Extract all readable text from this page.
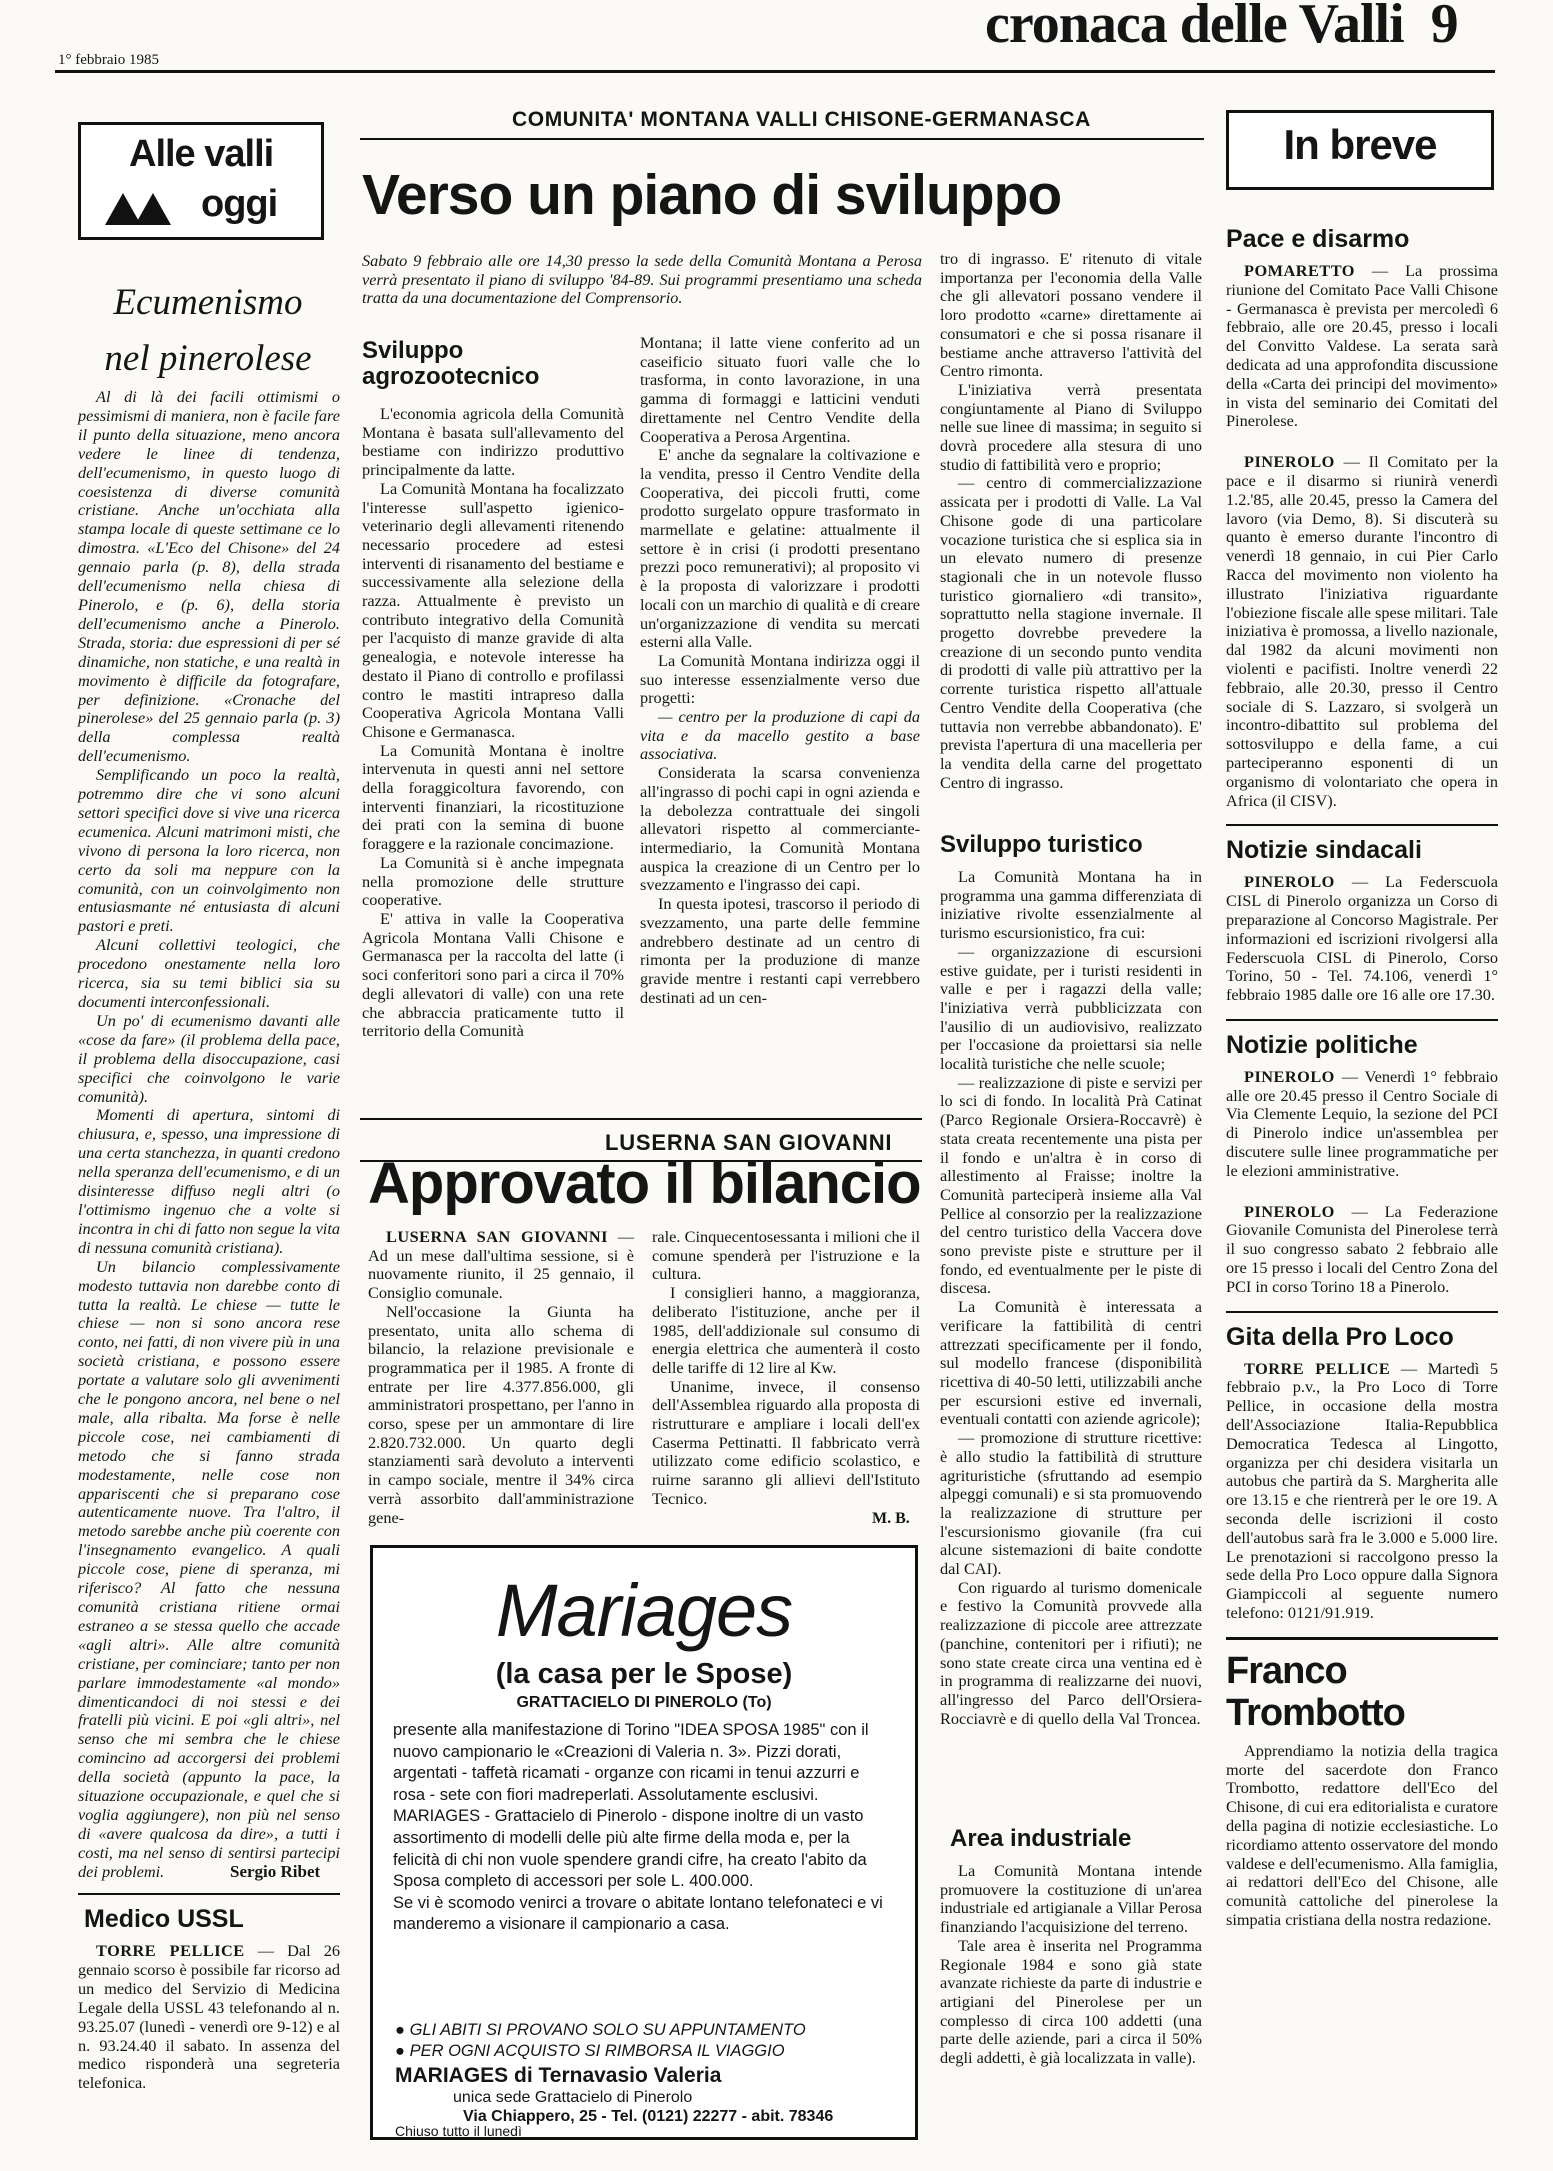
1° febbraio 1985
cronaca delle Valli 9
Alle valli
oggi
Ecumenismo
nel pinerolese

Al di là dei facili ottimismi o pessimismi di maniera, non è facile fare il punto della situazione, meno ancora vedere le linee di tendenza, dell'ecumenismo, in questo luogo di coesistenza di diverse comunità cristiane. Anche un'occhiata alla stampa locale di queste settimane ce lo dimostra. «L'Eco del Chisone» del 24 gennaio parla (p. 8), della strada dell'ecumenismo nella chiesa di Pinerolo, e (p. 6), della storia dell'ecumenismo anche a Pinerolo. Strada, storia: due espressioni di per sé dinamiche, non statiche, e una realtà in movimento è difficile da fotografare, per definizione. «Cronache del pinerolese» del 25 gennaio parla (p. 3) della complessa realtà dell'ecumenismo.

Semplificando un poco la realtà, potremmo dire che vi sono alcuni settori specifici dove si vive una ricerca ecumenica. Alcuni matrimoni misti, che vivono di persona la loro ricerca, non certo da soli ma neppure con la comunità, con un coinvolgimento non entusiasmante né entusiasta di alcuni pastori e preti.

Alcuni collettivi teologici, che procedono onestamente nella loro ricerca, sia su temi biblici sia su documenti interconfessionali.

Un po' di ecumenismo davanti alle «cose da fare» (il problema della pace, il problema della disoccupazione, casi specifici che coinvolgono le varie comunità).

Momenti di apertura, sintomi di chiusura, e, spesso, una impressione di una certa stanchezza, in quanti credono nella speranza dell'ecumenismo, e di un disinteresse diffuso negli altri (o l'ottimismo ingenuo che a volte si incontra in chi di fatto non segue la vita di nessuna comunità cristiana).

Un bilancio complessivamente modesto tuttavia non darebbe conto di tutta la realtà. Le chiese — tutte le chiese — non si sono ancora rese conto, nei fatti, di non vivere più in una società cristiana, e possono essere portate a valutare solo gli avvenimenti che le pongono ancora, nel bene o nel male, alla ribalta. Ma forse è nelle piccole cose, nei cambiamenti di metodo che si fanno strada modestamente, nelle cose non appariscenti che si preparano cose autenticamente nuove. Tra l'altro, il metodo sarebbe anche più coerente con l'insegnamento evangelico. A quali piccole cose, piene di speranza, mi riferisco? Al fatto che nessuna comunità cristiana ritiene ormai estraneo a se stessa quello che accade «agli altri». Alle altre comunità cristiane, per cominciare; tanto per non parlare immodestamente «al mondo» dimenticandoci di noi stessi e dei fratelli più vicini. E poi «gli altri», nel senso che mi sembra che le chiese comincino ad accorgersi dei problemi della società (appunto la pace, la situazione occupazionale, e quel che si voglia aggiungere), non più nel senso di «avere qualcosa da dire», a tutti i costi, ma nel senso di sentirsi partecipi dei problemi.	Sergio Ribet
Medico USSL

TORRE PELLICE — Dal 26 gennaio scorso è possibile far ricorso ad un medico del Servizio di Medicina Legale della USSL 43 telefonando al n. 93.25.07 (lunedì - venerdì ore 9-12) e al n. 93.24.40 il sabato. In assenza del medico risponderà una segreteria telefonica.

COMUNITA' MONTANA VALLI CHISONE-GERMANASCA
Verso un piano di sviluppo
Sabato 9 febbraio alle ore 14,30 presso la sede della Comunità Montana a Perosa verrà presentato il piano di sviluppo '84-89. Sui programmi presentiamo una scheda tratta da una documentazione del Comprensorio.
Sviluppo agrozootecnico

L'economia agricola della Comunità Montana è basata sull'allevamento del bestiame con indirizzo produttivo principalmente da latte.

La Comunità Montana ha focalizzato l'interesse sull'aspetto igienico-veterinario degli allevamenti ritenendo necessario procedere ad estesi interventi di risanamento del bestiame e successivamente alla selezione della razza. Attualmente è previsto un contributo integrativo della Comunità per l'acquisto di manze gravide di alta genealogia, e notevole interesse ha destato il Piano di controllo e profilassi contro le mastiti intrapreso dalla Cooperativa Agricola Montana Valli Chisone e Germanasca.

La Comunità Montana è inoltre intervenuta in questi anni nel settore della foraggicoltura favorendo, con interventi finanziari, la ricostituzione dei prati con la semina di buone foraggere e la razionale concimazione.

La Comunità si è anche impegnata nella promozione delle strutture cooperative.

E' attiva in valle la Cooperativa Agricola Montana Valli Chisone e Germanasca per la raccolta del latte (i soci conferitori sono pari a circa il 70% degli allevatori di valle) con una rete che abbraccia praticamente tutto il territorio della Comunità

Montana; il latte viene conferito ad un caseificio situato fuori valle che lo trasforma, in conto lavorazione, in una gamma di formaggi e latticini venduti direttamente nel Centro Vendite della Cooperativa a Perosa Argentina.

E' anche da segnalare la coltivazione e la vendita, presso il Centro Vendite della Cooperativa, dei piccoli frutti, come prodotto surgelato oppure trasformato in marmellate e gelatine: attualmente il settore è in crisi (i prodotti presentano prezzi poco remunerativi); al proposito vi è la proposta di valorizzare i prodotti locali con un marchio di qualità e di creare un'organizzazione di vendita su mercati esterni alla Valle.

La Comunità Montana indirizza oggi il suo interesse essenzialmente verso due progetti:

— centro per la produzione di capi da vita e da macello gestito a base associativa.

Considerata la scarsa convenienza all'ingrasso di pochi capi in ogni azienda e la debolezza contrattuale dei singoli allevatori rispetto al commerciante-intermediario, la Comunità Montana auspica la creazione di un Centro per lo svezzamento e l'ingrasso dei capi.

In questa ipotesi, trascorso il periodo di svezzamento, una parte delle femmine andrebbero destinate ad un centro di rimonta per la produzione di manze gravide mentre i restanti capi verrebbero destinati ad un cen-

tro di ingrasso. E' ritenuto di vitale importanza per l'economia della Valle che gli allevatori possano vendere il loro prodotto «carne» direttamente ai consumatori e che si possa risanare il bestiame anche attraverso l'attività del Centro rimonta.

L'iniziativa verrà presentata congiuntamente al Piano di Sviluppo nelle sue linee di massima; in seguito si dovrà procedere alla stesura di uno studio di fattibilità vero e proprio;

— centro di commercializzazione assicata per i prodotti di Valle. La Val Chisone gode di una particolare vocazione turistica che si esplica sia in un elevato numero di presenze stagionali che in un notevole flusso turistico giornaliero «di transito», soprattutto nella stagione invernale. Il progetto dovrebbe prevedere la creazione di un secondo punto vendita di prodotti di valle più attrattivo per la corrente turistica rispetto all'attuale Centro Vendite della Cooperativa (che tuttavia non verrebbe abbandonato). E' prevista l'apertura di una macelleria per la vendita della carne del progettato Centro di ingrasso.

Sviluppo turistico

La Comunità Montana ha in programma una gamma differenziata di iniziative rivolte essenzialmente al turismo escursionistico, fra cui:

— organizzazione di escursioni estive guidate, per i turisti residenti in valle e per i ragazzi della valle; l'iniziativa verrà pubblicizzata con l'ausilio di un audiovisivo, realizzato per l'occasione da proiettarsi sia nelle località turistiche che nelle scuole;

— realizzazione di piste e servizi per lo sci di fondo. In località Prà Catinat (Parco Regionale Orsiera-Roccavrè) è stata creata recentemente una pista per il fondo e un'altra è in corso di allestimento al Fraisse; inoltre la Comunità parteciperà insieme alla Val Pellice al consorzio per la realizzazione del centro turistico della Vaccera dove sono previste piste e strutture per il fondo, ed eventualmente per le piste di discesa.

La Comunità è interessata a verificare la fattibilità di centri attrezzati specificamente per il fondo, sul modello francese (disponibilità ricettiva di 40-50 letti, utilizzabili anche per escursioni estive ed invernali, eventuali contatti con aziende agricole);

— promozione di strutture ricettive: è allo studio la fattibilità di strutture agrituristiche (sfruttando ad esempio alpeggi comunali) e si sta promuovendo la realizzazione di strutture per l'escursionismo giovanile (fra cui alcune sistemazioni di baite condotte dal CAI).

Con riguardo al turismo domenicale e festivo la Comunità provvede alla realizzazione di piccole aree attrezzate (panchine, contenitori per i rifiuti); ne sono state create circa una ventina ed è in programma di realizzarne dei nuovi, all'ingresso del Parco dell'Orsiera-Rocciavrè e di quello della Val Troncea.

Area industriale

La Comunità Montana intende promuovere la costituzione di un'area industriale ed artigianale a Villar Perosa finanziando l'acquisizione del terreno.

Tale area è inserita nel Programma Regionale 1984 e sono già state avanzate richieste da parte di industrie e artigiani del Pinerolese per un complesso di circa 100 addetti (una parte delle aziende, pari a circa il 50% degli addetti, è già localizzata in valle).

LUSERNA SAN GIOVANNI
Approvato il bilancio

LUSERNA SAN GIOVANNI — Ad un mese dall'ultima sessione, si è nuovamente riunito, il 25 gennaio, il Consiglio comunale.

Nell'occasione la Giunta ha presentato, unita allo schema di bilancio, la relazione previsionale e programmatica per il 1985. A fronte di entrate per lire 4.377.856.000, gli amministratori prospettano, per l'anno in corso, spese per un ammontare di lire 2.820.732.000. Un quarto degli stanziamenti sarà devoluto a interventi in campo sociale, mentre il 34% circa verrà assorbito dall'amministrazione gene-

rale. Cinquecentosessanta i milioni che il comune spenderà per l'istruzione e la cultura.

I consiglieri hanno, a maggioranza, deliberato l'istituzione, anche per il 1985, dell'addizionale sul consumo di energia elettrica che aumenterà il costo delle tariffe di 12 lire al Kw.

Unanime, invece, il consenso dell'Assemblea riguardo alla proposta di ristrutturare e ampliare i locali dell'ex Caserma Pettinatti. Il fabbricato verrà utilizzato come edificio scolastico, e ruirne saranno gli allievi dell'Istituto Tecnico.

M. B.
Mariages
(la casa per le Spose)
GRATTACIELO DI PINEROLO (To)
presente alla manifestazione di Torino "IDEA SPOSA 1985" con il nuovo campionario le «Creazioni di Valeria n. 3». Pizzi dorati, argentati - taffetà ricamati - organze con ricami in tenui azzurri e rosa - sete con fiori madreperlati. Assolutamente esclusivi.
MARIAGES - Grattacielo di Pinerolo - dispone inoltre di un vasto assortimento di modelli delle più alte firme della moda e, per la felicità di chi non vuole spendere grandi cifre, ha creato l'abito da Sposa completo di accessori per sole L. 400.000.
Se vi è scomodo venirci a trovare o abitate lontano telefonateci e vi manderemo a visionare il campionario a casa.
● GLI ABITI SI PROVANO SOLO SU APPUNTAMENTO
● PER OGNI ACQUISTO SI RIMBORSA IL VIAGGIO
MARIAGES di Ternavasio Valeria
unica sede Grattacielo di Pinerolo
Via Chiappero, 25 - Tel. (0121) 22277 - abit. 78346
Chiuso tutto il lunedì
In breve
Pace e disarmo

POMARETTO — La prossima riunione del Comitato Pace Valli Chisone - Germanasca è prevista per mercoledì 6 febbraio, alle ore 20.45, presso i locali del Convitto Valdese. La serata sarà dedicata ad una approfondita discussione della «Carta dei principi del movimento» in vista del seminario dei Comitati del Pinerolese.

PINEROLO — Il Comitato per la pace e il disarmo si riunirà venerdì 1.2.'85, alle 20.45, presso la Camera del lavoro (via Demo, 8). Si discuterà su quanto è emerso durante l'incontro di venerdì 18 gennaio, in cui Pier Carlo Racca del movimento non violento ha illustrato l'iniziativa riguardante l'obiezione fiscale alle spese militari. Tale iniziativa è promossa, a livello nazionale, dal 1982 da alcuni movimenti non violenti e pacifisti. Inoltre venerdì 22 febbraio, alle 20.30, presso il Centro sociale di S. Lazzaro, si svolgerà un incontro-dibattito sul problema del sottosviluppo e della fame, a cui parteciperanno esponenti di un organismo di volontariato che opera in Africa (il CISV).

Notizie sindacali

PINEROLO — La Federscuola CISL di Pinerolo organizza un Corso di preparazione al Concorso Magistrale. Per informazioni ed iscrizioni rivolgersi alla Federscuola CISL di Pinerolo, Corso Torino, 50 - Tel. 74.106, venerdì 1° febbraio 1985 dalle ore 16 alle ore 17.30.

Notizie politiche

PINEROLO — Venerdì 1° febbraio alle ore 20.45 presso il Centro Sociale di Via Clemente Lequio, la sezione del PCI di Pinerolo indice un'assemblea per discutere sulle linee programmatiche per le elezioni amministrative.

PINEROLO — La Federazione Giovanile Comunista del Pinerolese terrà il suo congresso sabato 2 febbraio alle ore 15 presso i locali del Centro Zona del PCI in corso Torino 18 a Pinerolo.

Gita della Pro Loco

TORRE PELLICE — Martedì 5 febbraio p.v., la Pro Loco di Torre Pellice, in occasione della mostra dell'Associazione Italia-Repubblica Democratica Tedesca al Lingotto, organizza per chi desidera visitarla un autobus che partirà da S. Margherita alle ore 13.15 e che rientrerà per le ore 19. A seconda delle iscrizioni il costo dell'autobus sarà fra le 3.000 e 5.000 lire. Le prenotazioni si raccolgono presso la sede della Pro Loco oppure dalla Signora Giampiccoli al seguente numero telefono: 0121/91.919.

Franco Trombotto
Apprendiamo la notizia della tragica morte del sacerdote don Franco Trombotto, redattore dell'Eco del Chisone, di cui era editorialista e curatore della pagina di notizie ecclesiastiche. Lo ricordiamo attento osservatore del mondo valdese e dell'ecumenismo. Alla famiglia, ai redattori dell'Eco del Chisone, alle comunità cattoliche del pinerolese la simpatia cristiana della nostra redazione.
